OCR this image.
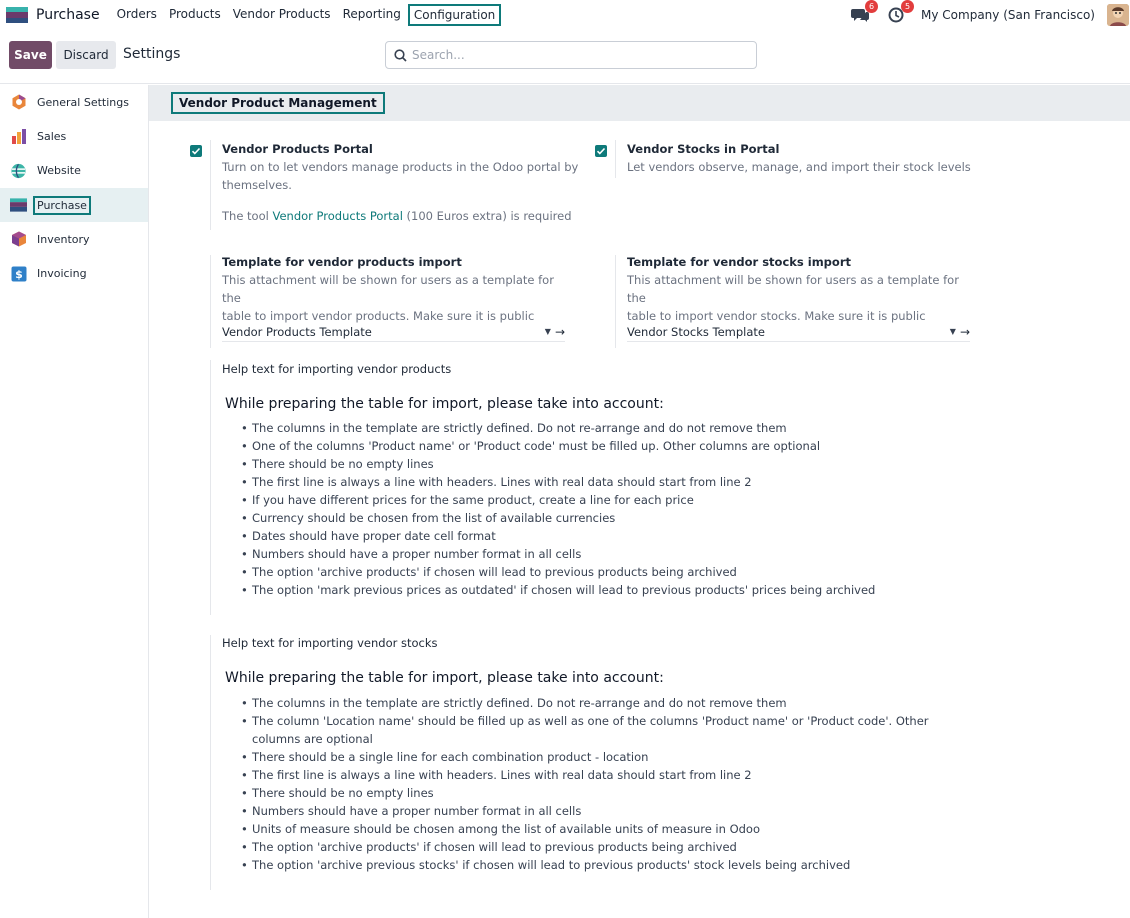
Purchase	Orders	Products	Vendor Products	Reporting	Configuration
6	5
My Company (San Francisco)
Save	Discard	Settings
Search...
General Settings
Sales
Website
Purchase
Inventory
$ Invoicing
Vendor Product Management
Vendor Products Portal
Turn on to let vendors manage products in the Odoo portal by
themselves.
The tool Vendor Products Portal (100 Euros extra) is required
Vendor Stocks in Portal
Let vendors observe, manage, and import their stock levels
Template for vendor products import
This attachment will be shown for users as a template for the
table to import vendor products. Make sure it is public
Vendor Products Template	▼ →
Template for vendor stocks import
This attachment will be shown for users as a template for the
table to import vendor stocks. Make sure it is public
Vendor Stocks Template	▼ →
Help text for importing vendor products
While preparing the table for import, please take into account:
• The columns in the template are strictly defined. Do not re-arrange and do not remove them
• One of the columns 'Product name' or 'Product code' must be filled up. Other columns are optional
• There should be no empty lines
• The first line is always a line with headers. Lines with real data should start from line 2
• If you have different prices for the same product, create a line for each price
• Currency should be chosen from the list of available currencies
• Dates should have proper date cell format
• Numbers should have a proper number format in all cells
• The option 'archive products' if chosen will lead to previous products being archived
• The option 'mark previous prices as outdated' if chosen will lead to previous products' prices being archived
Help text for importing vendor stocks
While preparing the table for import, please take into account:
• The columns in the template are strictly defined. Do not re-arrange and do not remove them
• The column 'Location name' should be filled up as well as one of the columns 'Product name' or 'Product code'. Other columns are optional
• There should be a single line for each combination product - location
• The first line is always a line with headers. Lines with real data should start from line 2
• There should be no empty lines
• Numbers should have a proper number format in all cells
• Units of measure should be chosen among the list of available units of measure in Odoo
• The option 'archive products' if chosen will lead to previous products being archived
• The option 'archive previous stocks' if chosen will lead to previous products' stock levels being archived
